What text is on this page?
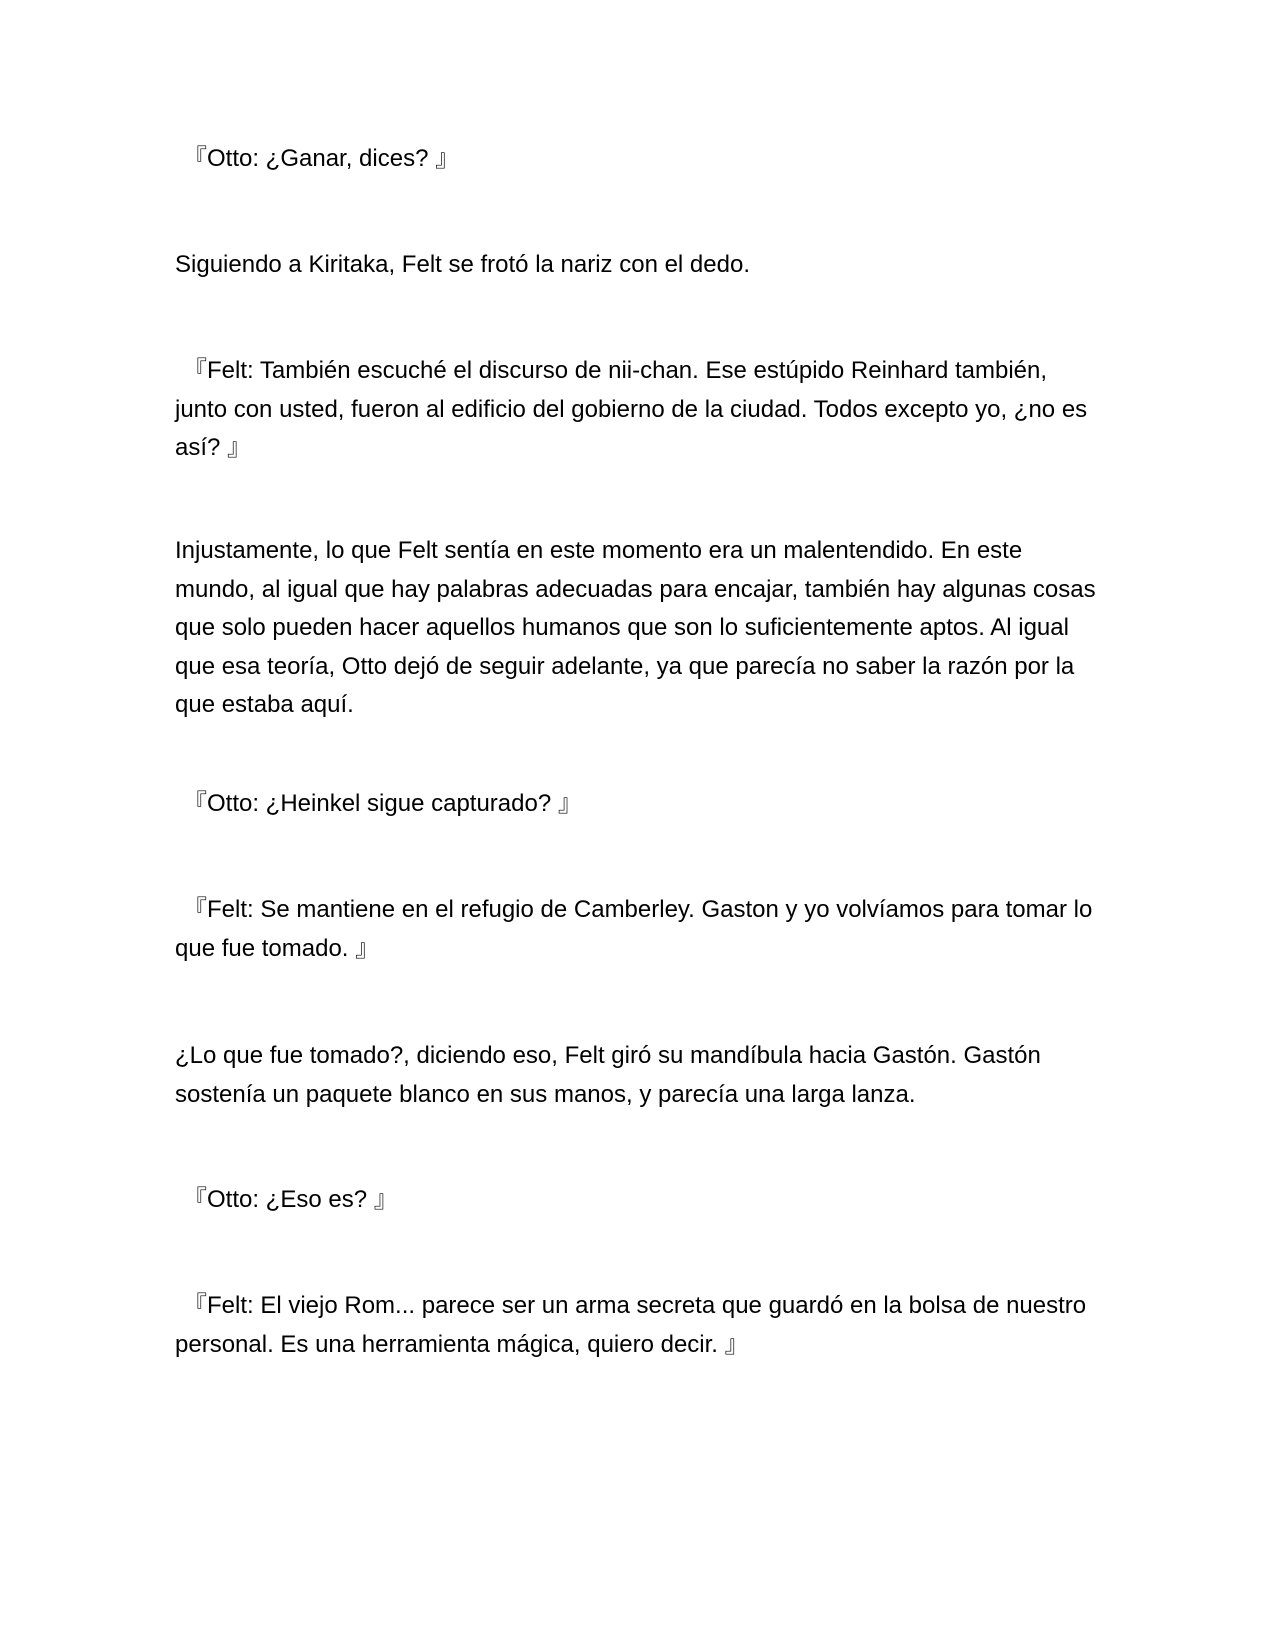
『Otto: ¿Ganar, dices? 』

Siguiendo a Kiritaka, Felt se frotó la nariz con el dedo.

『Felt: También escuché el discurso de nii-chan. Ese estúpido Reinhard también, junto con usted, fueron al edificio del gobierno de la ciudad. Todos excepto yo, ¿no es así? 』

Injustamente, lo que Felt sentía en este momento era un malentendido. En este mundo, al igual que hay palabras adecuadas para encajar, también hay algunas cosas que solo pueden hacer aquellos humanos que son lo suficientemente aptos. Al igual que esa teoría, Otto dejó de seguir adelante, ya que parecía no saber la razón por la que estaba aquí.

『Otto: ¿Heinkel sigue capturado? 』

『Felt: Se mantiene en el refugio de Camberley. Gaston y yo volvíamos para tomar lo que fue tomado. 』

¿Lo que fue tomado?, diciendo eso, Felt giró su mandíbula hacia Gastón. Gastón sostenía un paquete blanco en sus manos, y parecía una larga lanza.

『Otto: ¿Eso es? 』

『Felt: El viejo Rom... parece ser un arma secreta que guardó en la bolsa de nuestro personal. Es una herramienta mágica, quiero decir. 』
